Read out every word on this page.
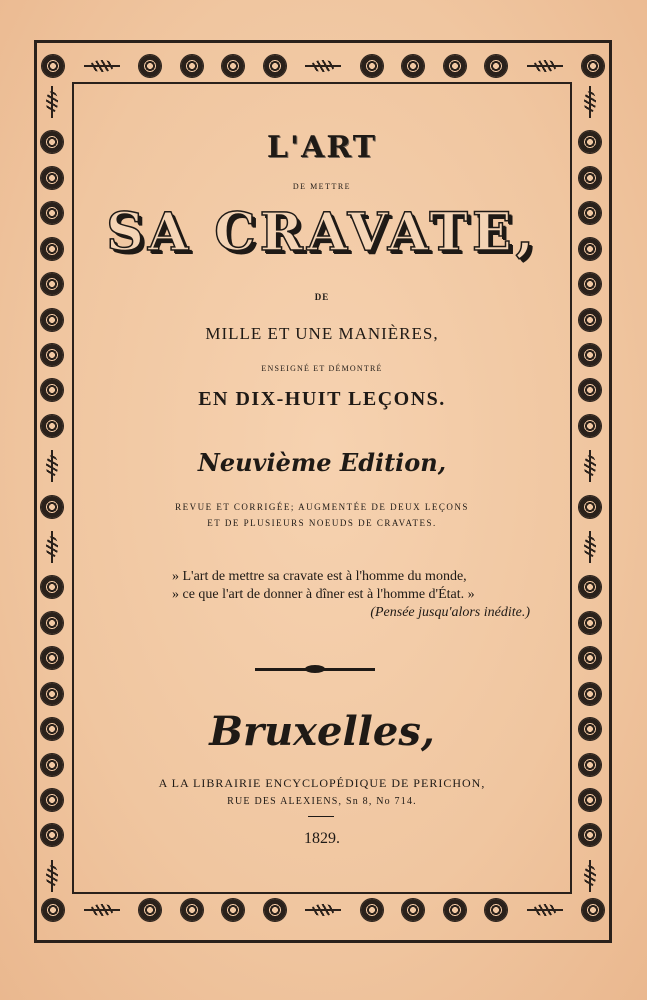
L'ART
DE METTRE
SA CRAVATE,
DE
MILLE ET UNE MANIÈRES,
ENSEIGNÉ ET DÉMONTRÉ
EN DIX-HUIT LEÇONS.
Neuvième Edition,
REVUE ET CORRIGÉE; AUGMENTÉE DE DEUX LEÇONS
ET DE PLUSIEURS NOEUDS DE CRAVATES.
» L'art de mettre sa cravate est à l'homme du monde,
» ce que l'art de donner à dîner est à l'homme d'État. »
(Pensée jusqu'alors inédite.)
Bruxelles,
A LA LIBRAIRIE ENCYCLOPÉDIQUE DE PERICHON,
RUE DES ALEXIENS, Sn 8, No 714.
1829.
